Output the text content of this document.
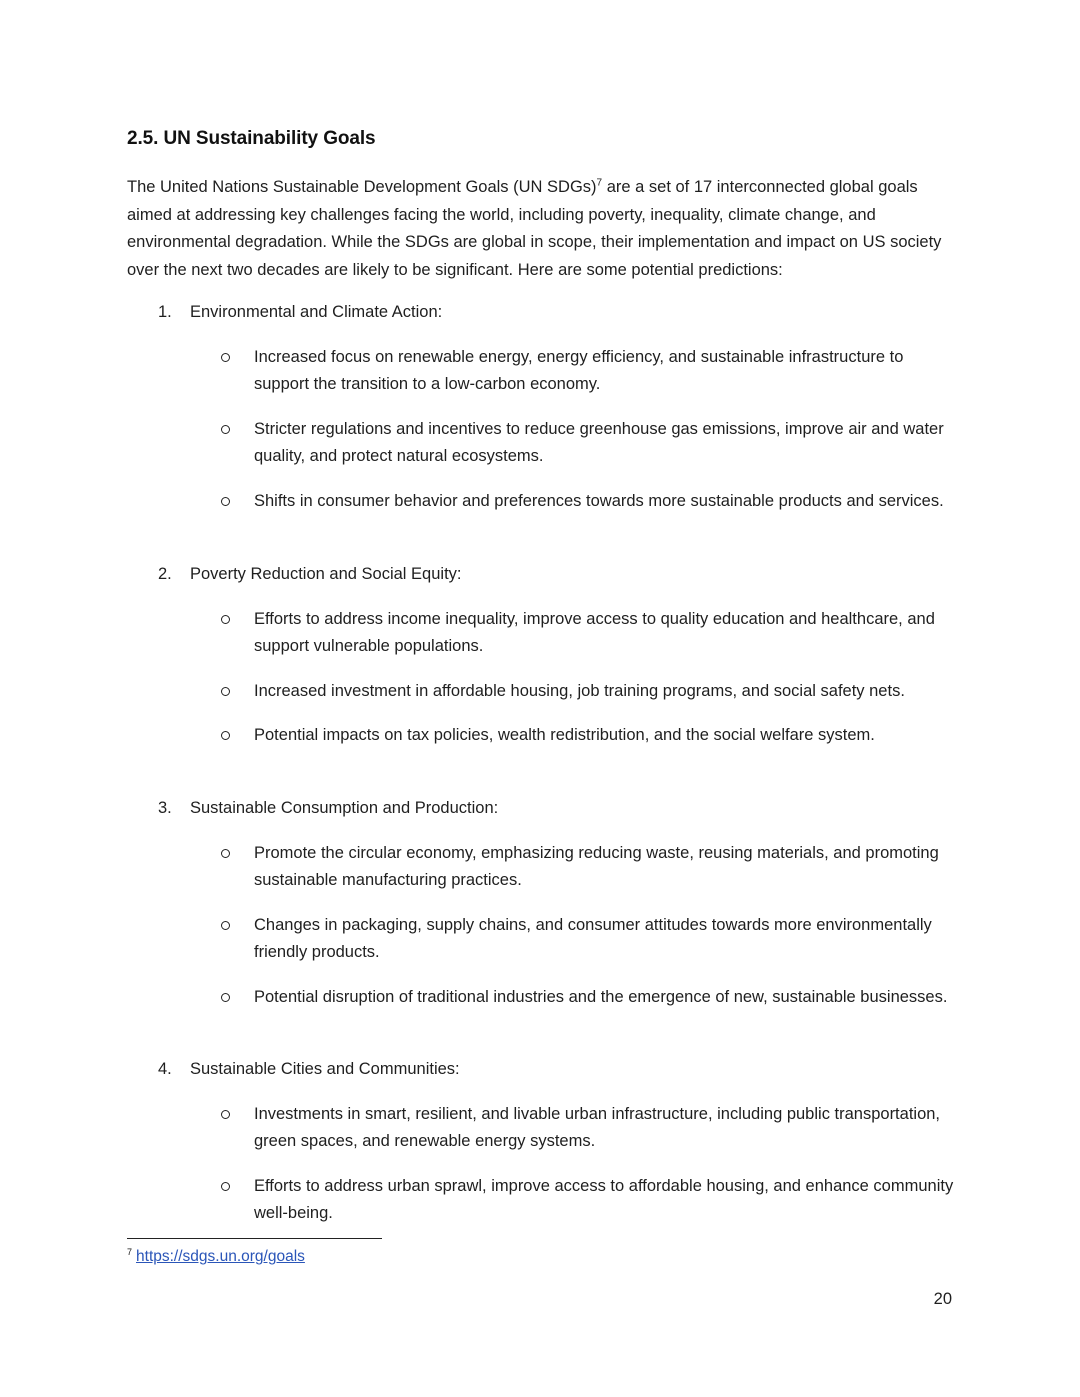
2.5. UN Sustainability Goals
The United Nations Sustainable Development Goals (UN SDGs)$^7$ are a set of 17 interconnected global goals aimed at addressing key challenges facing the world, including poverty, inequality, climate change, and environmental degradation. While the SDGs are global in scope, their implementation and impact on US society over the next two decades are likely to be significant. Here are some potential predictions:
1. Environmental and Climate Action:
Increased focus on renewable energy, energy efficiency, and sustainable infrastructure to support the transition to a low-carbon economy.
Stricter regulations and incentives to reduce greenhouse gas emissions, improve air and water quality, and protect natural ecosystems.
Shifts in consumer behavior and preferences towards more sustainable products and services.
2. Poverty Reduction and Social Equity:
Efforts to address income inequality, improve access to quality education and healthcare, and support vulnerable populations.
Increased investment in affordable housing, job training programs, and social safety nets.
Potential impacts on tax policies, wealth redistribution, and the social welfare system.
3. Sustainable Consumption and Production:
Promote the circular economy, emphasizing reducing waste, reusing materials, and promoting sustainable manufacturing practices.
Changes in packaging, supply chains, and consumer attitudes towards more environmentally friendly products.
Potential disruption of traditional industries and the emergence of new, sustainable businesses.
4. Sustainable Cities and Communities:
Investments in smart, resilient, and livable urban infrastructure, including public transportation, green spaces, and renewable energy systems.
Efforts to address urban sprawl, improve access to affordable housing, and enhance community well-being.
$^7$ https://sdgs.un.org/goals
20
